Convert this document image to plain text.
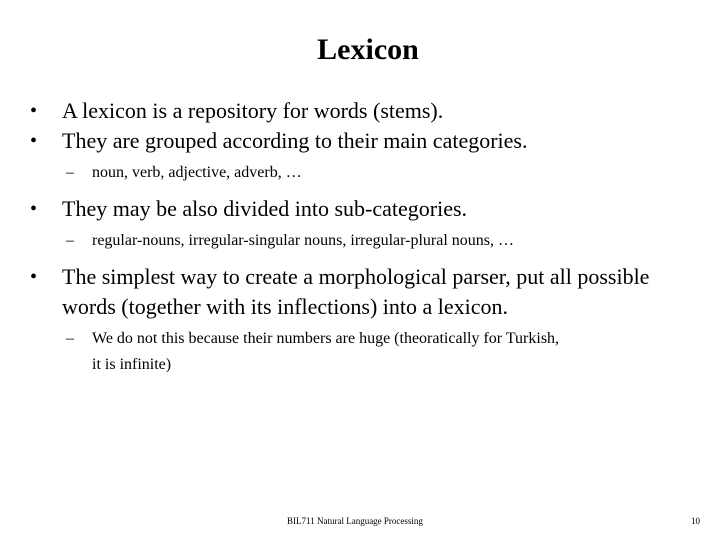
Lexicon
•	A lexicon is a repository for words (stems).
•	They are grouped according to their main categories.
–	noun, verb, adjective, adverb, …
•	They may be also divided into sub-categories.
–	regular-nouns, irregular-singular nouns, irregular-plural nouns, …
•	The simplest way to create a morphological parser, put all possible
words (together with its inflections) into a lexicon.
–	We do not this because their numbers are huge (theoratically for Turkish,
it is infinite)
BIL711 Natural Language Processing	10
